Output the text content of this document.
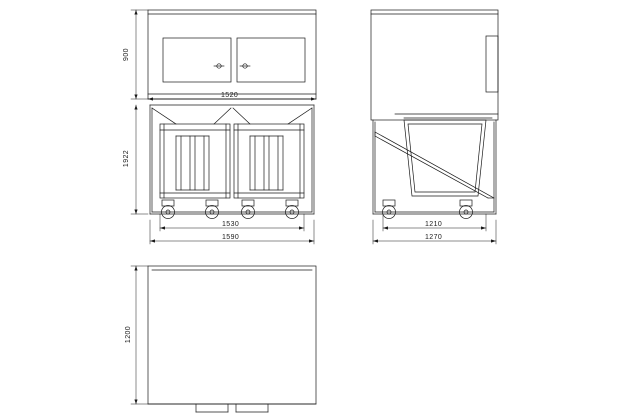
900
1922
1520
1530
1590
1210
1270
1200
